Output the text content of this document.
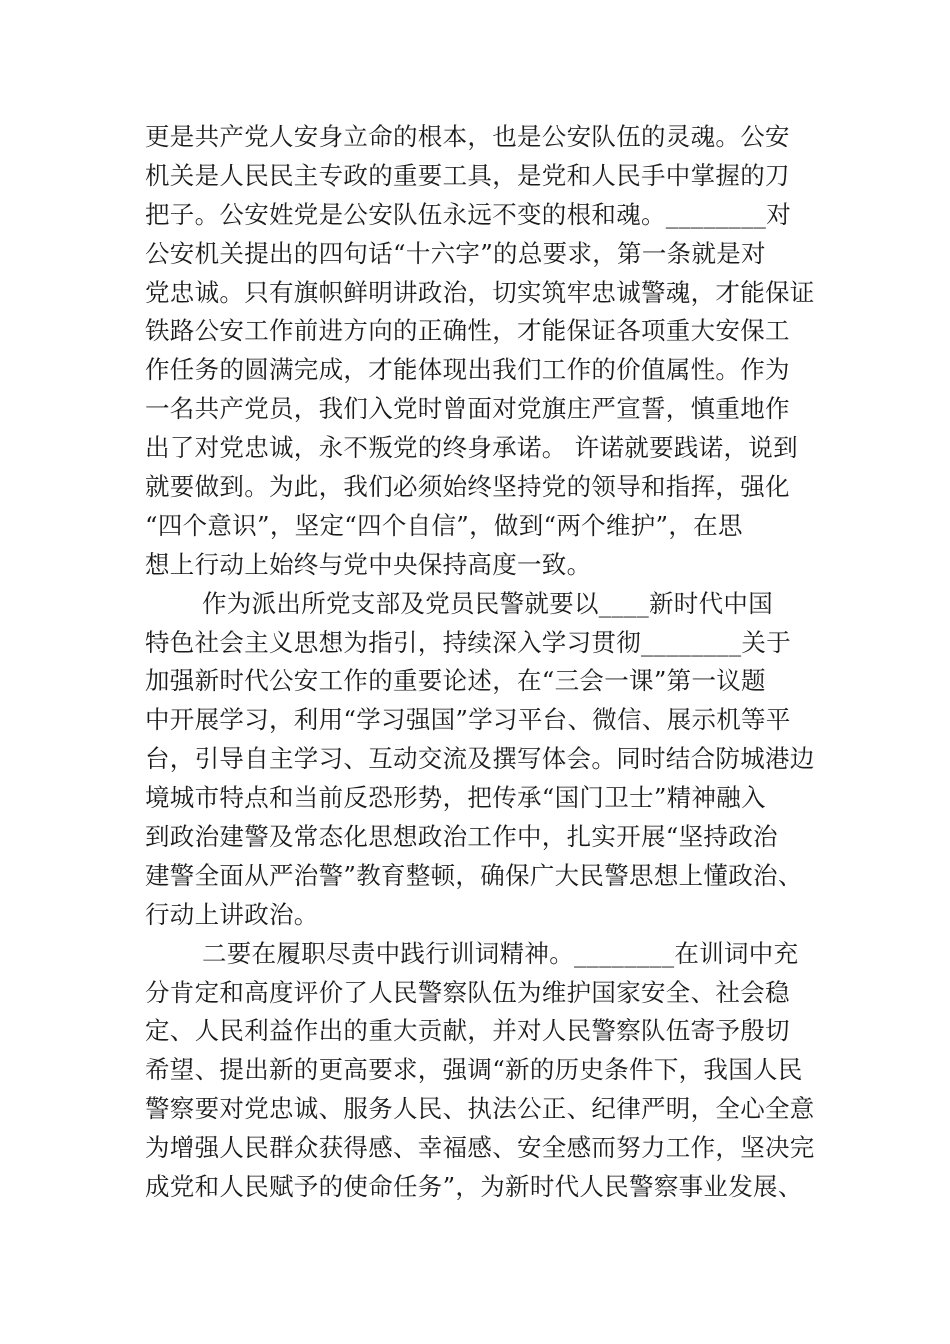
更是共产党人安身立命的根本，也是公安队伍的灵魂。公安
机关是人民民主专政的重要工具，是党和人民手中掌握的刀
把子。公安姓党是公安队伍永远不变的根和魂。________对
公安机关提出的四句话“十六字”的总要求，第一条就是对
党忠诚。只有旗帜鲜明讲政治，切实筑牢忠诚警魂，才能保证
铁路公安工作前进方向的正确性，才能保证各项重大安保工
作任务的圆满完成，才能体现出我们工作的价值属性。作为
一名共产党员，我们入党时曾面对党旗庄严宣誓，慎重地作
出了对党忠诚，永不叛党的终身承诺。 许诺就要践诺，说到
就要做到。为此，我们必须始终坚持党的领导和指挥，强化
“四个意识”，坚定“四个自信”，做到“两个维护”，在思
想上行动上始终与党中央保持高度一致。
作为派出所党支部及党员民警就要以____新时代中国
特色社会主义思想为指引，持续深入学习贯彻________关于
加强新时代公安工作的重要论述，在“三会一课”第一议题
中开展学习，利用“学习强国”学习平台、微信、展示机等平
台，引导自主学习、互动交流及撰写体会。同时结合防城港边
境城市特点和当前反恐形势，把传承“国门卫士”精神融入
到政治建警及常态化思想政治工作中，扎实开展“坚持政治
建警全面从严治警”教育整顿，确保广大民警思想上懂政治、
行动上讲政治。
二要在履职尽责中践行训词精神。________在训词中充
分肯定和高度评价了人民警察队伍为维护国家安全、社会稳
定、人民利益作出的重大贡献，并对人民警察队伍寄予殷切
希望、提出新的更高要求，强调“新的历史条件下，我国人民
警察要对党忠诚、服务人民、执法公正、纪律严明，全心全意
为增强人民群众获得感、幸福感、安全感而努力工作，坚决完
成党和人民赋予的使命任务”，为新时代人民警察事业发展、
